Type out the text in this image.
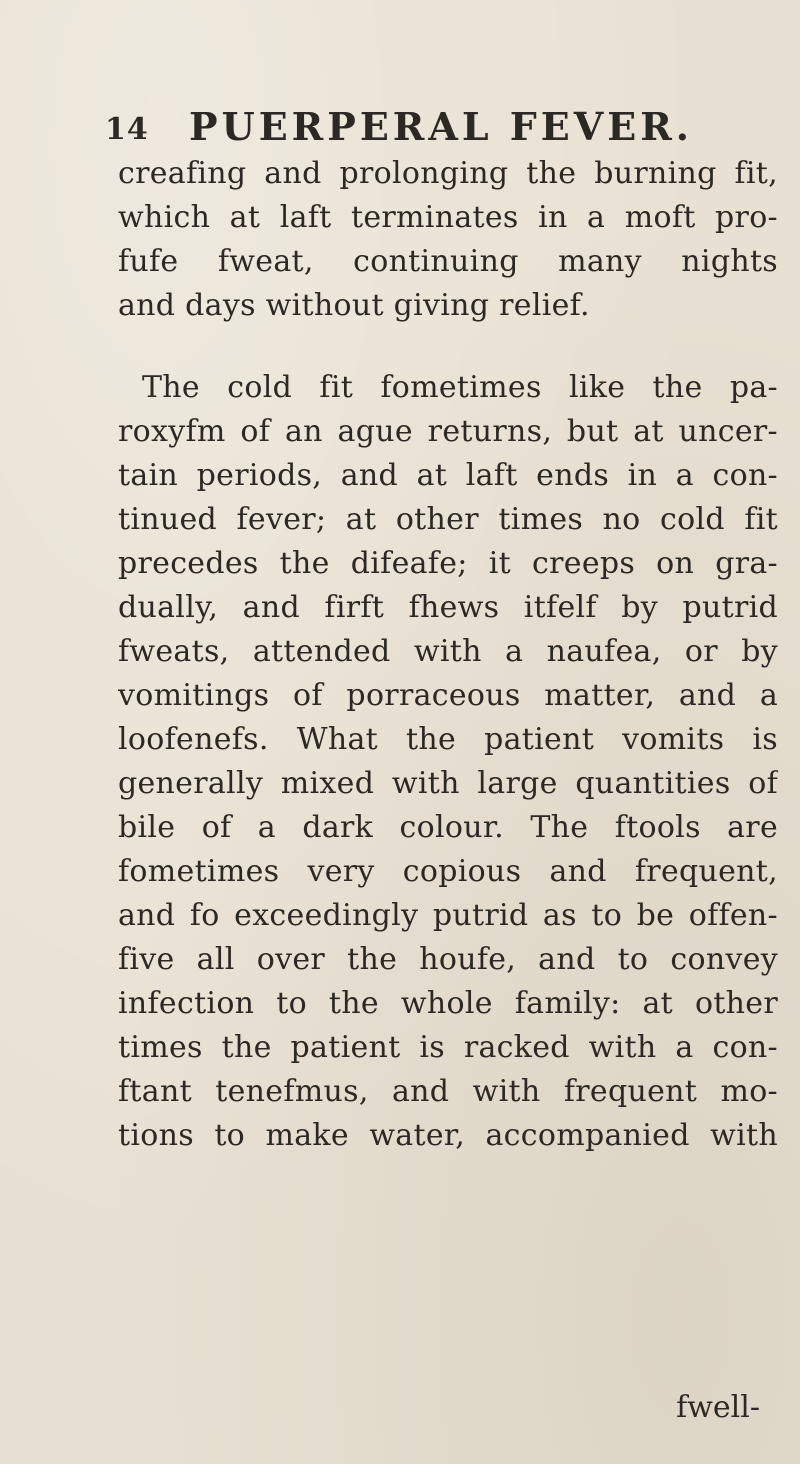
14 PUERPERAL FEVER.
creafing and prolonging the burning fit,
which at laft terminates in a moft pro-
fufe fweat, continuing many nights
and days without giving relief.
The cold fit fometimes like the pa-
roxyfm of an ague returns, but at uncer-
tain periods, and at laft ends in a con-
tinued fever; at other times no cold fit
precedes the difeafe; it creeps on gra-
dually, and firft fhews itfelf by putrid
fweats, attended with a naufea, or by
vomitings of porraceous matter, and a
loofenefs. What the patient vomits is
generally mixed with large quantities of
bile of a dark colour. The ftools are
fometimes very copious and frequent,
and fo exceedingly putrid as to be offen-
five all over the houfe, and to convey
infection to the whole family: at other
times the patient is racked with a con-
ftant tenefmus, and with frequent mo-
tions to make water, accompanied with
fwell-
